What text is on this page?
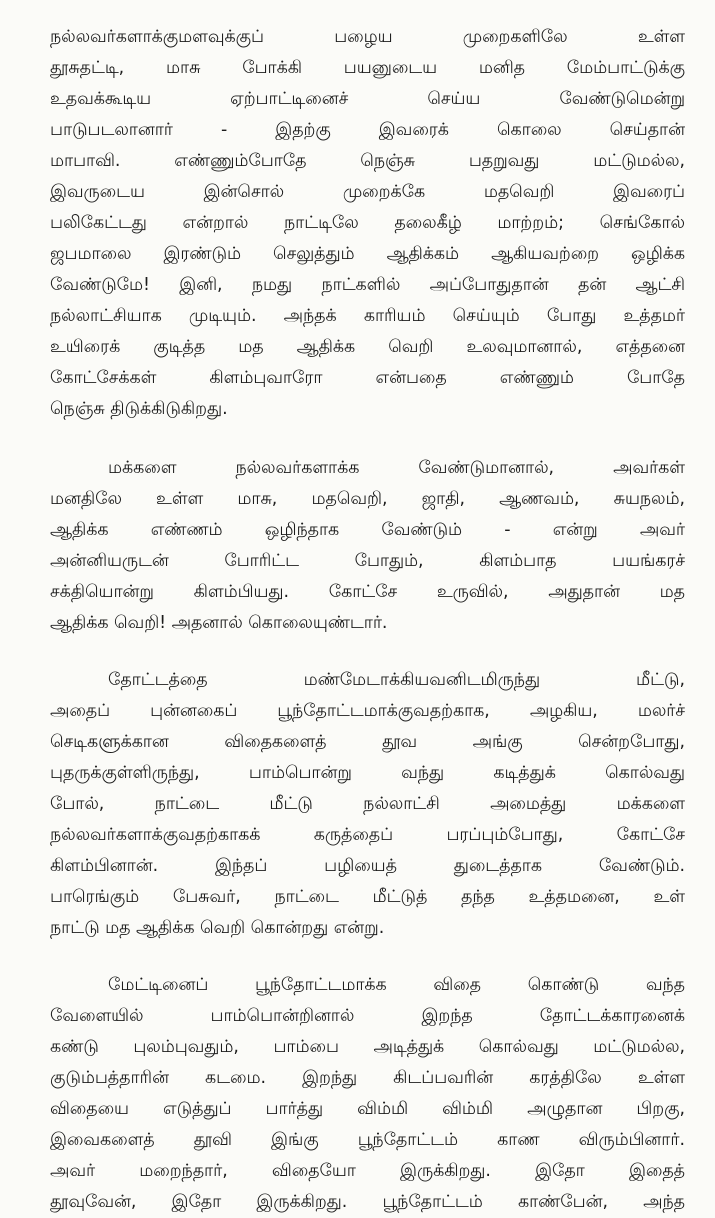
நல்லவர்களாக்குமளவுக்குப் பழைய முறைகளிலே உள்ள
தூசுதட்டி, மாசு போக்கி பயனுடைய மனித மேம்பாட்டுக்கு
உதவக்கூடிய ஏற்பாட்டினைச் செய்ய வேண்டுமென்று
பாடுபடலானார் - இதற்கு இவரைக் கொலை செய்தான்
மாபாவி. எண்ணும்போதே நெஞ்சு பதறுவது மட்டுமல்ல,
இவருடைய இன்சொல் முறைக்கே மதவெறி இவரைப்
பலிகேட்டது என்றால் நாட்டிலே தலைகீழ் மாற்றம்; செங்கோல்
ஜபமாலை இரண்டும் செலுத்தும் ஆதிக்கம் ஆகியவற்றை ஒழிக்க
வேண்டுமே! இனி, நமது நாட்களில் அப்போதுதான் தன் ஆட்சி
நல்லாட்சியாக முடியும். அந்தக் காரியம் செய்யும் போது உத்தமர்
உயிரைக் குடித்த மத ஆதிக்க வெறி உலவுமானால், எத்தனை
கோட்சேக்கள் கிளம்புவாரோ என்பதை எண்ணும் போதே
நெஞ்சு திடுக்கிடுகிறது.

மக்களை நல்லவர்களாக்க வேண்டுமானால், அவர்கள்
மனதிலே உள்ள மாசு, மதவெறி, ஜாதி, ஆணவம், சுயநலம்,
ஆதிக்க எண்ணம் ஒழிந்தாக வேண்டும் - என்று அவர்
அன்னியருடன் போரிட்ட போதும், கிளம்பாத பயங்கரச்
சக்தியொன்று கிளம்பியது. கோட்சே உருவில், அதுதான் மத
ஆதிக்க வெறி! அதனால் கொலையுண்டார்.

தோட்டத்தை மண்மேடாக்கியவனிடமிருந்து மீட்டு,
அதைப் புன்னகைப் பூந்தோட்டமாக்குவதற்காக, அழகிய, மலர்ச்
செடிகளுக்கான விதைகளைத் தூவ அங்கு சென்றபோது,
புதருக்குள்ளிருந்து, பாம்பொன்று வந்து கடித்துக் கொல்வது
போல், நாட்டை மீட்டு நல்லாட்சி அமைத்து மக்களை
நல்லவர்களாக்குவதற்காகக் கருத்தைப் பரப்பும்போது, கோட்சே
கிளம்பினான். இந்தப் பழியைத் துடைத்தாக வேண்டும்.
பாரெங்கும் பேசுவர், நாட்டை மீட்டுத் தந்த உத்தமனை, உள்
நாட்டு மத ஆதிக்க வெறி கொன்றது என்று.

மேட்டினைப் பூந்தோட்டமாக்க விதை கொண்டு வந்த
வேளையில் பாம்பொன்றினால் இறந்த தோட்டக்காரனைக்
கண்டு புலம்புவதும், பாம்பை அடித்துக் கொல்வது மட்டுமல்ல,
குடும்பத்தாரின் கடமை. இறந்து கிடப்பவரின் கரத்திலே உள்ள
விதையை எடுத்துப் பார்த்து விம்மி விம்மி அழுதான பிறகு,
இவைகளைத் தூவி இங்கு பூந்தோட்டம் காண விரும்பினார்.
அவர் மறைந்தார், விதையோ இருக்கிறது. இதோ இதைத்
தூவுவேன், இதோ இருக்கிறது. பூந்தோட்டம் காண்பேன், அந்த
